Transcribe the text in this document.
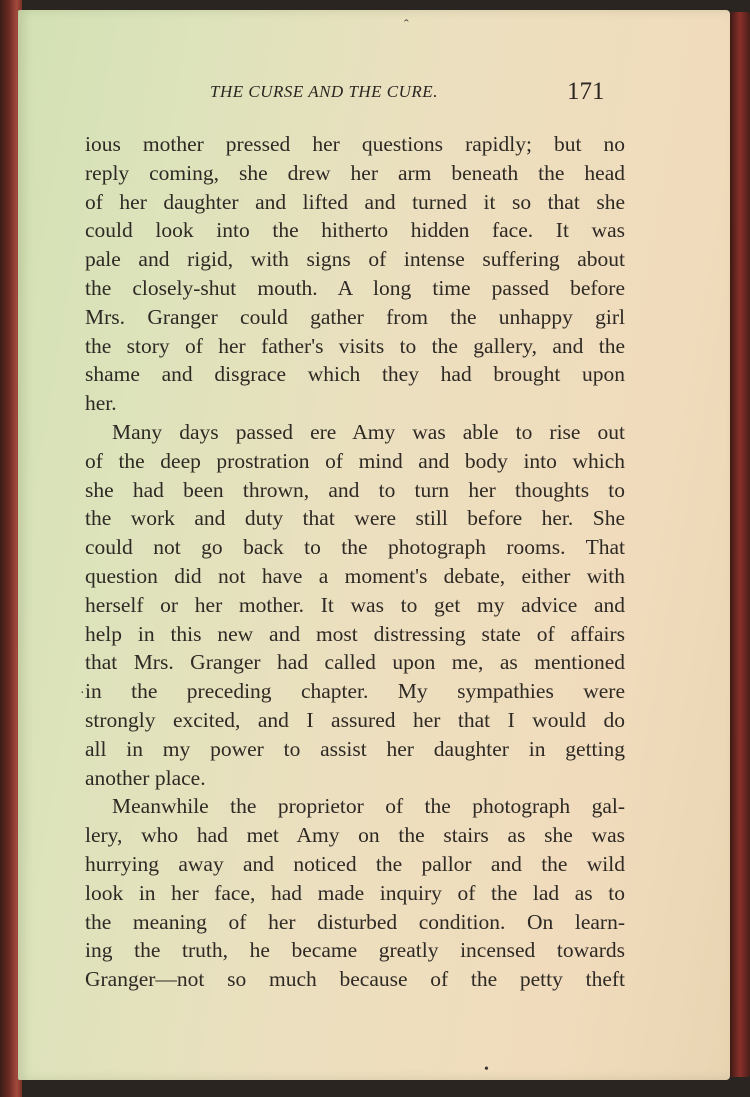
THE CURSE AND THE CURE.	171
ious mother pressed her questions rapidly; but no
reply coming, she drew her arm beneath the head
of her daughter and lifted and turned it so that she
could look into the hitherto hidden face. It was
pale and rigid, with signs of intense suffering about
the closely-shut mouth. A long time passed before
Mrs. Granger could gather from the unhappy girl
the story of her father's visits to the gallery, and the
shame and disgrace which they had brought upon
her.
Many days passed ere Amy was able to rise out
of the deep prostration of mind and body into which
she had been thrown, and to turn her thoughts to
the work and duty that were still before her. She
could not go back to the photograph rooms. That
question did not have a moment's debate, either with
herself or her mother. It was to get my advice and
help in this new and most distressing state of affairs
that Mrs. Granger had called upon me, as mentioned
in the preceding chapter. My sympathies were
strongly excited, and I assured her that I would do
all in my power to assist her daughter in getting
another place.
Meanwhile the proprietor of the photograph gal-
lery, who had met Amy on the stairs as she was
hurrying away and noticed the pallor and the wild
look in her face, had made inquiry of the lad as to
the meaning of her disturbed condition. On learn-
ing the truth, he became greatly incensed towards
Granger—not so much because of the petty theft
ˆ
·
•
